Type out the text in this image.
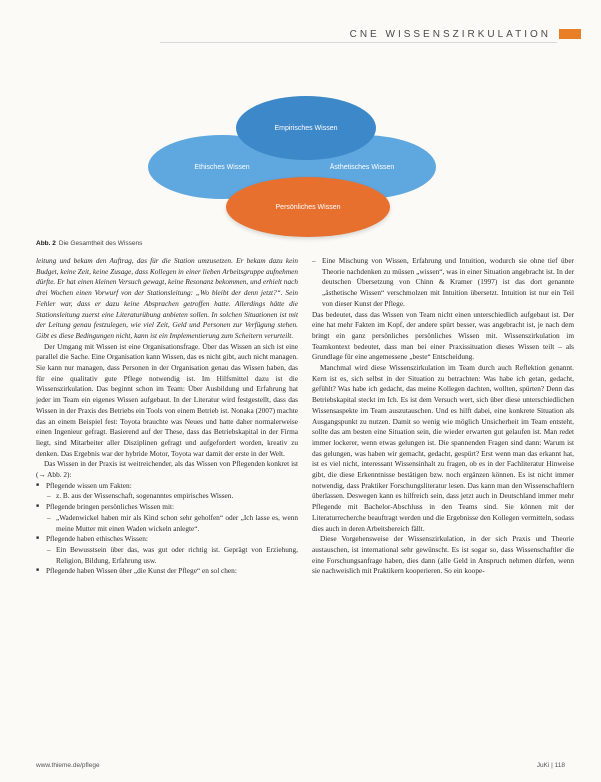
CNE WISSENSZIRKULATION
Ethisches Wissen	Ästhetisches Wissen
Empirisches Wissen
Persönliches Wissen
Abb. 2 Die Gesamtheit des Wissens

leitung und bekam den Auftrag, das für die Station umzusetzen. Er bekam dazu kein Budget, keine Zeit, keine Zusage, dass Kollegen in einer lieben Arbeitsgruppe aufnehmen dürfte. Er hat einen kleinen Versuch gewagt, keine Resonanz bekommen, und erhielt nach drei Wochen einen Vorwurf von der Stationsleitung: „Wo bleibt der denn jetzt?“. Sein Fehler war, dass er dazu keine Absprachen getroffen hatte. Allerdings hätte die Stationsleitung zuerst eine Literaturübung anbieten sollen. In solchen Situationen ist mit der Leitung genau festzulegen, wie viel Zeit, Geld und Personen zur Verfügung stehen. Gibt es diese Bedingungen nicht, kann ist ein Implementierung zum Scheitern verurteilt.

Der Umgang mit Wissen ist eine Organisationsfrage. Über das Wissen an sich ist eine parallel die Sache. Eine Organisation kann Wissen, das es nicht gibt, auch nicht managen. Sie kann nur managen, dass Personen in der Organisation genau das Wissen haben, das für eine qualitativ gute Pflege notwendig ist. Im Hilfsmittel dazu ist die Wissenszirkulation. Das beginnt schon im Team: Über Ausbildung und Erfahrung hat jeder im Team ein eigenes Wissen aufgebaut. In der Literatur wird festgestellt, dass das Wissen in der Praxis des Betriebs ein Tools von einem Betrieb ist. Nonaka (2007) machte das an einem Beispiel fest: Toyota brauchte was Neues und hatte daher normalerweise einen Ingenieur gefragt. Basierend auf der These, dass das Betriebskapital in der Firma liegt, sind Mitarbeiter aller Disziplinen gefragt und aufgefordert worden, kreativ zu denken. Das Ergebnis war der hybride Motor, Toyota war damit der erste in der Welt.

Das Wissen in der Praxis ist weitreichender, als das Wissen von Pflegenden konkret ist (→ Abb. 2):

■ Pflegende wissen um Fakten:

– z. B. aus der Wissenschaft, sogenanntes empirisches Wissen.

■ Pflegende bringen persönliches Wissen mit:

– „Wadenwickel haben mir als Kind schon sehr geholfen“ oder „Ich lasse es, wenn meine Mutter mit einen Waden wickeln anlegte“.

■ Pflegende haben ethisches Wissen:

– Ein Bewusstsein über das, was gut oder richtig ist. Geprägt von Erziehung, Religion, Bildung, Erfahrung usw.

■ Pflegende haben Wissen über „die Kunst der Pflege“ en sol chen:

– Eine Mischung von Wissen, Erfahrung und Intuition, wodurch sie ohne tief über Theorie nachdenken zu müssen „wissen“, was in einer Situation angebracht ist. In der deutschen Übersetzung von Chinn & Kramer (1997) ist das dort genannte „ästhetische Wissen“ verschmolzen mit Intuition übersetzt. Intuition ist nur ein Teil von dieser Kunst der Pflege.

Das bedeutet, dass das Wissen von Team nicht einen unterschiedlich aufgebaut ist. Der eine hat mehr Fakten im Kopf, der andere spürt besser, was angebracht ist, je nach dem bringt ein ganz persönliches persönliches Wissen mit. Wissenszirkulation im Teamkontext bedeutet, dass man bei einer Praxissituation dieses Wissen teilt – als Grundlage für eine angemessene „beste“ Entscheidung.

Manchmal wird diese Wissenszirkulation im Team durch auch Reflektion genannt. Kern ist es, sich selbst in der Situation zu betrachten: Was habe ich getan, gedacht, gefühlt? Was habe ich gedacht, das meine Kollegen dachten, wollten, spürten? Denn das Betriebskapital steckt im Ich. Es ist dem Versuch wert, sich über diese unterschiedlichen Wissensaspekte im Team auszutauschen. Und es hilft dabei, eine konkrete Situation als Ausgangspunkt zu nutzen. Damit so wenig wie möglich Unsicherheit im Team entsteht, sollte das am besten eine Situation sein, die wieder erwarten gut gelaufen ist. Man redet immer lockerer, wenn etwas gelungen ist. Die spannenden Fragen sind dann: Warum ist das gelungen, was haben wir gemacht, gedacht, gespürt? Erst wenn man das erkannt hat, ist es viel nicht, interessant Wissensinhalt zu fragen, ob es in der Fachliteratur Hinweise gibt, die diese Erkenntnisse bestätigen bzw. noch ergänzen können. Es ist nicht immer notwendig, dass Praktiker Forschungsliteratur lesen. Das kann man den Wissenschaftlern überlassen. Deswegen kann es hilfreich sein, dass jetzt auch in Deutschland immer mehr Pflegende mit Bachelor-Abschluss in den Teams sind. Sie können mit der Literaturrecherche beauftragt werden und die Ergebnisse den Kollegen vermitteln, sodass dies auch in deren Arbeitsbereich fällt.

Diese Vorgehensweise der Wissenszirkulation, in der sich Praxis und Theorie austauschen, ist international sehr gewünscht. Es ist sogar so, dass Wissenschaftler die eine Forschungsanfrage haben, dies dann (alle Geld in Anspruch nehmen dürfen, wenn sie nachweislich mit Praktikern kooperieren. So ein koope-

www.thieme.de/pflege	JuKi | 118
